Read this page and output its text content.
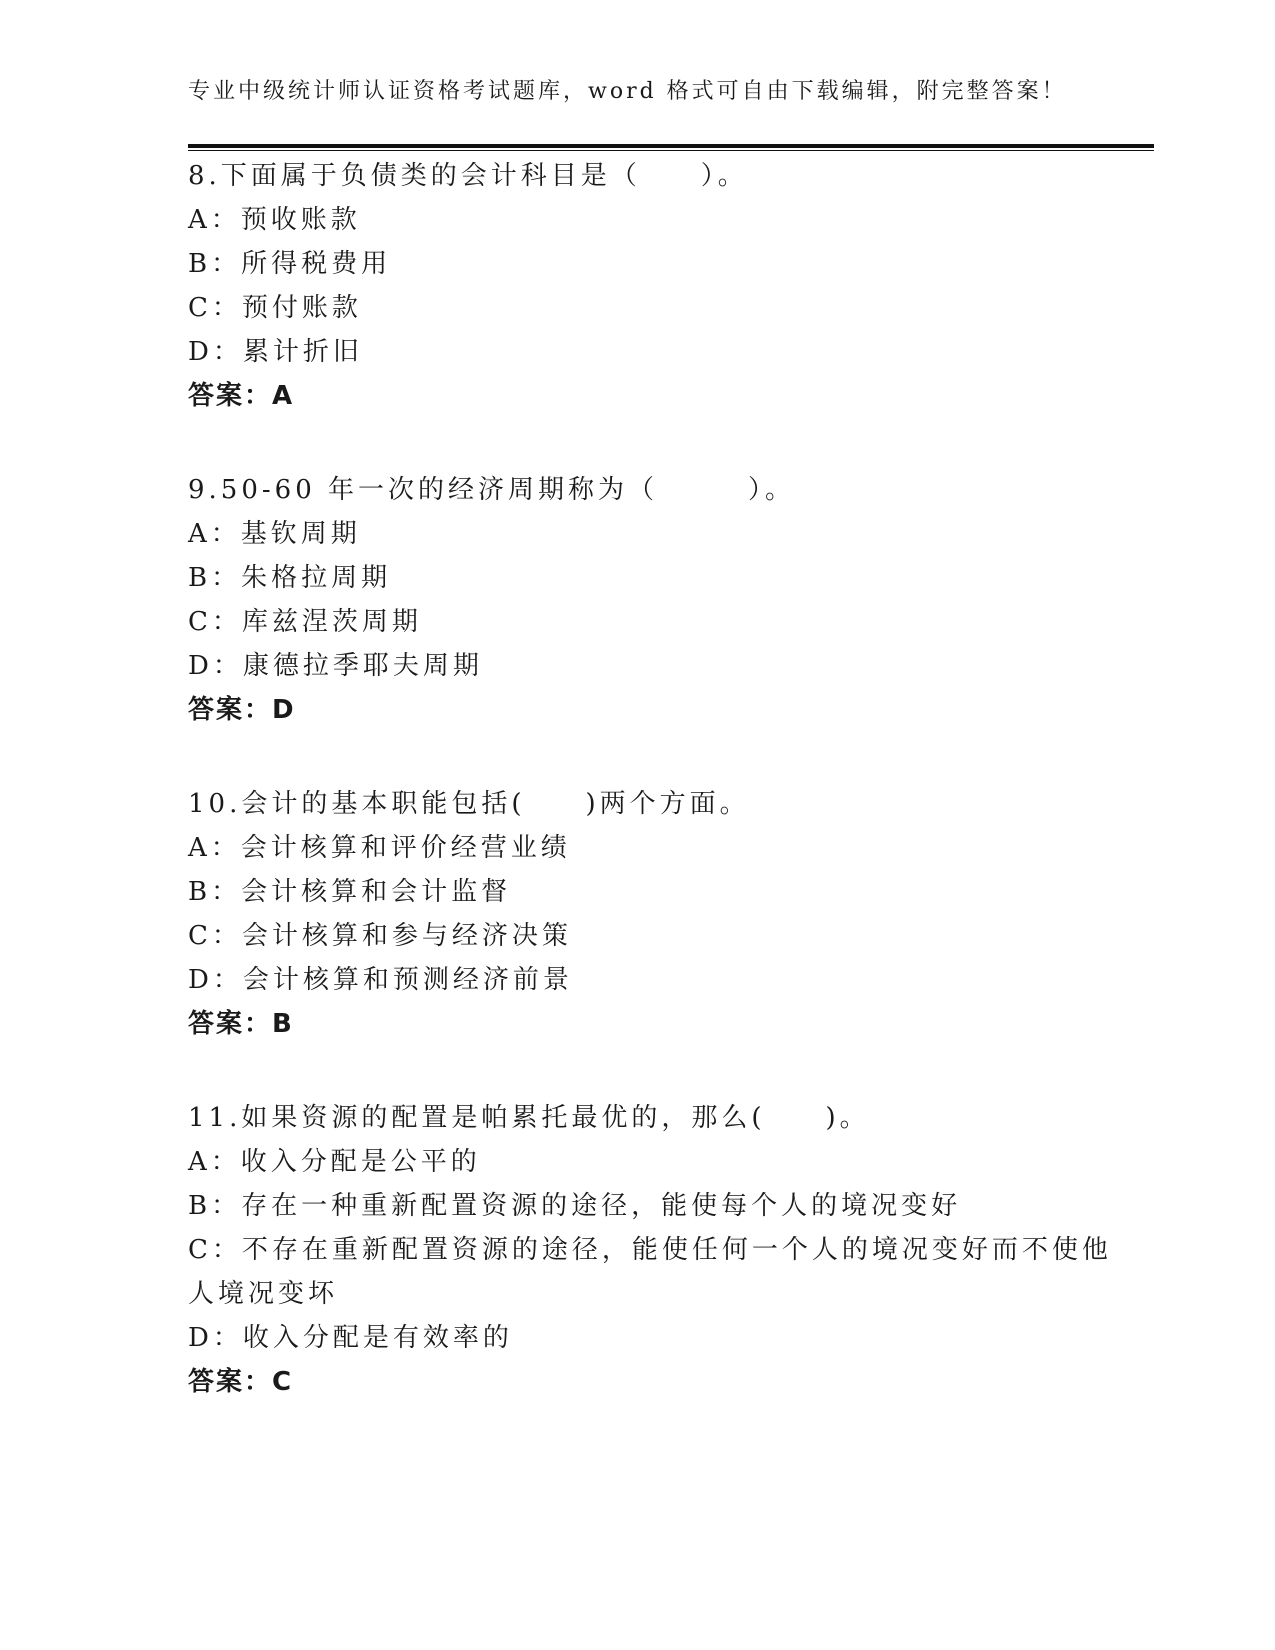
专业中级统计师认证资格考试题库，word 格式可自由下载编辑，附完整答案！
8.下面属于负债类的会计科目是（　　）。
A：预收账款
B：所得税费用
C：预付账款
D：累计折旧
答案：A
9.50-60 年一次的经济周期称为（　　　）。
A：基钦周期
B：朱格拉周期
C：库兹涅茨周期
D：康德拉季耶夫周期
答案：D
10.会计的基本职能包括(　　)两个方面。
A：会计核算和评价经营业绩
B：会计核算和会计监督
C：会计核算和参与经济决策
D：会计核算和预测经济前景
答案：B
11.如果资源的配置是帕累托最优的，那么(　　)。
A：收入分配是公平的
B：存在一种重新配置资源的途径，能使每个人的境况变好
C：不存在重新配置资源的途径，能使任何一个人的境况变好而不使他
人境况变坏
D：收入分配是有效率的
答案：C
